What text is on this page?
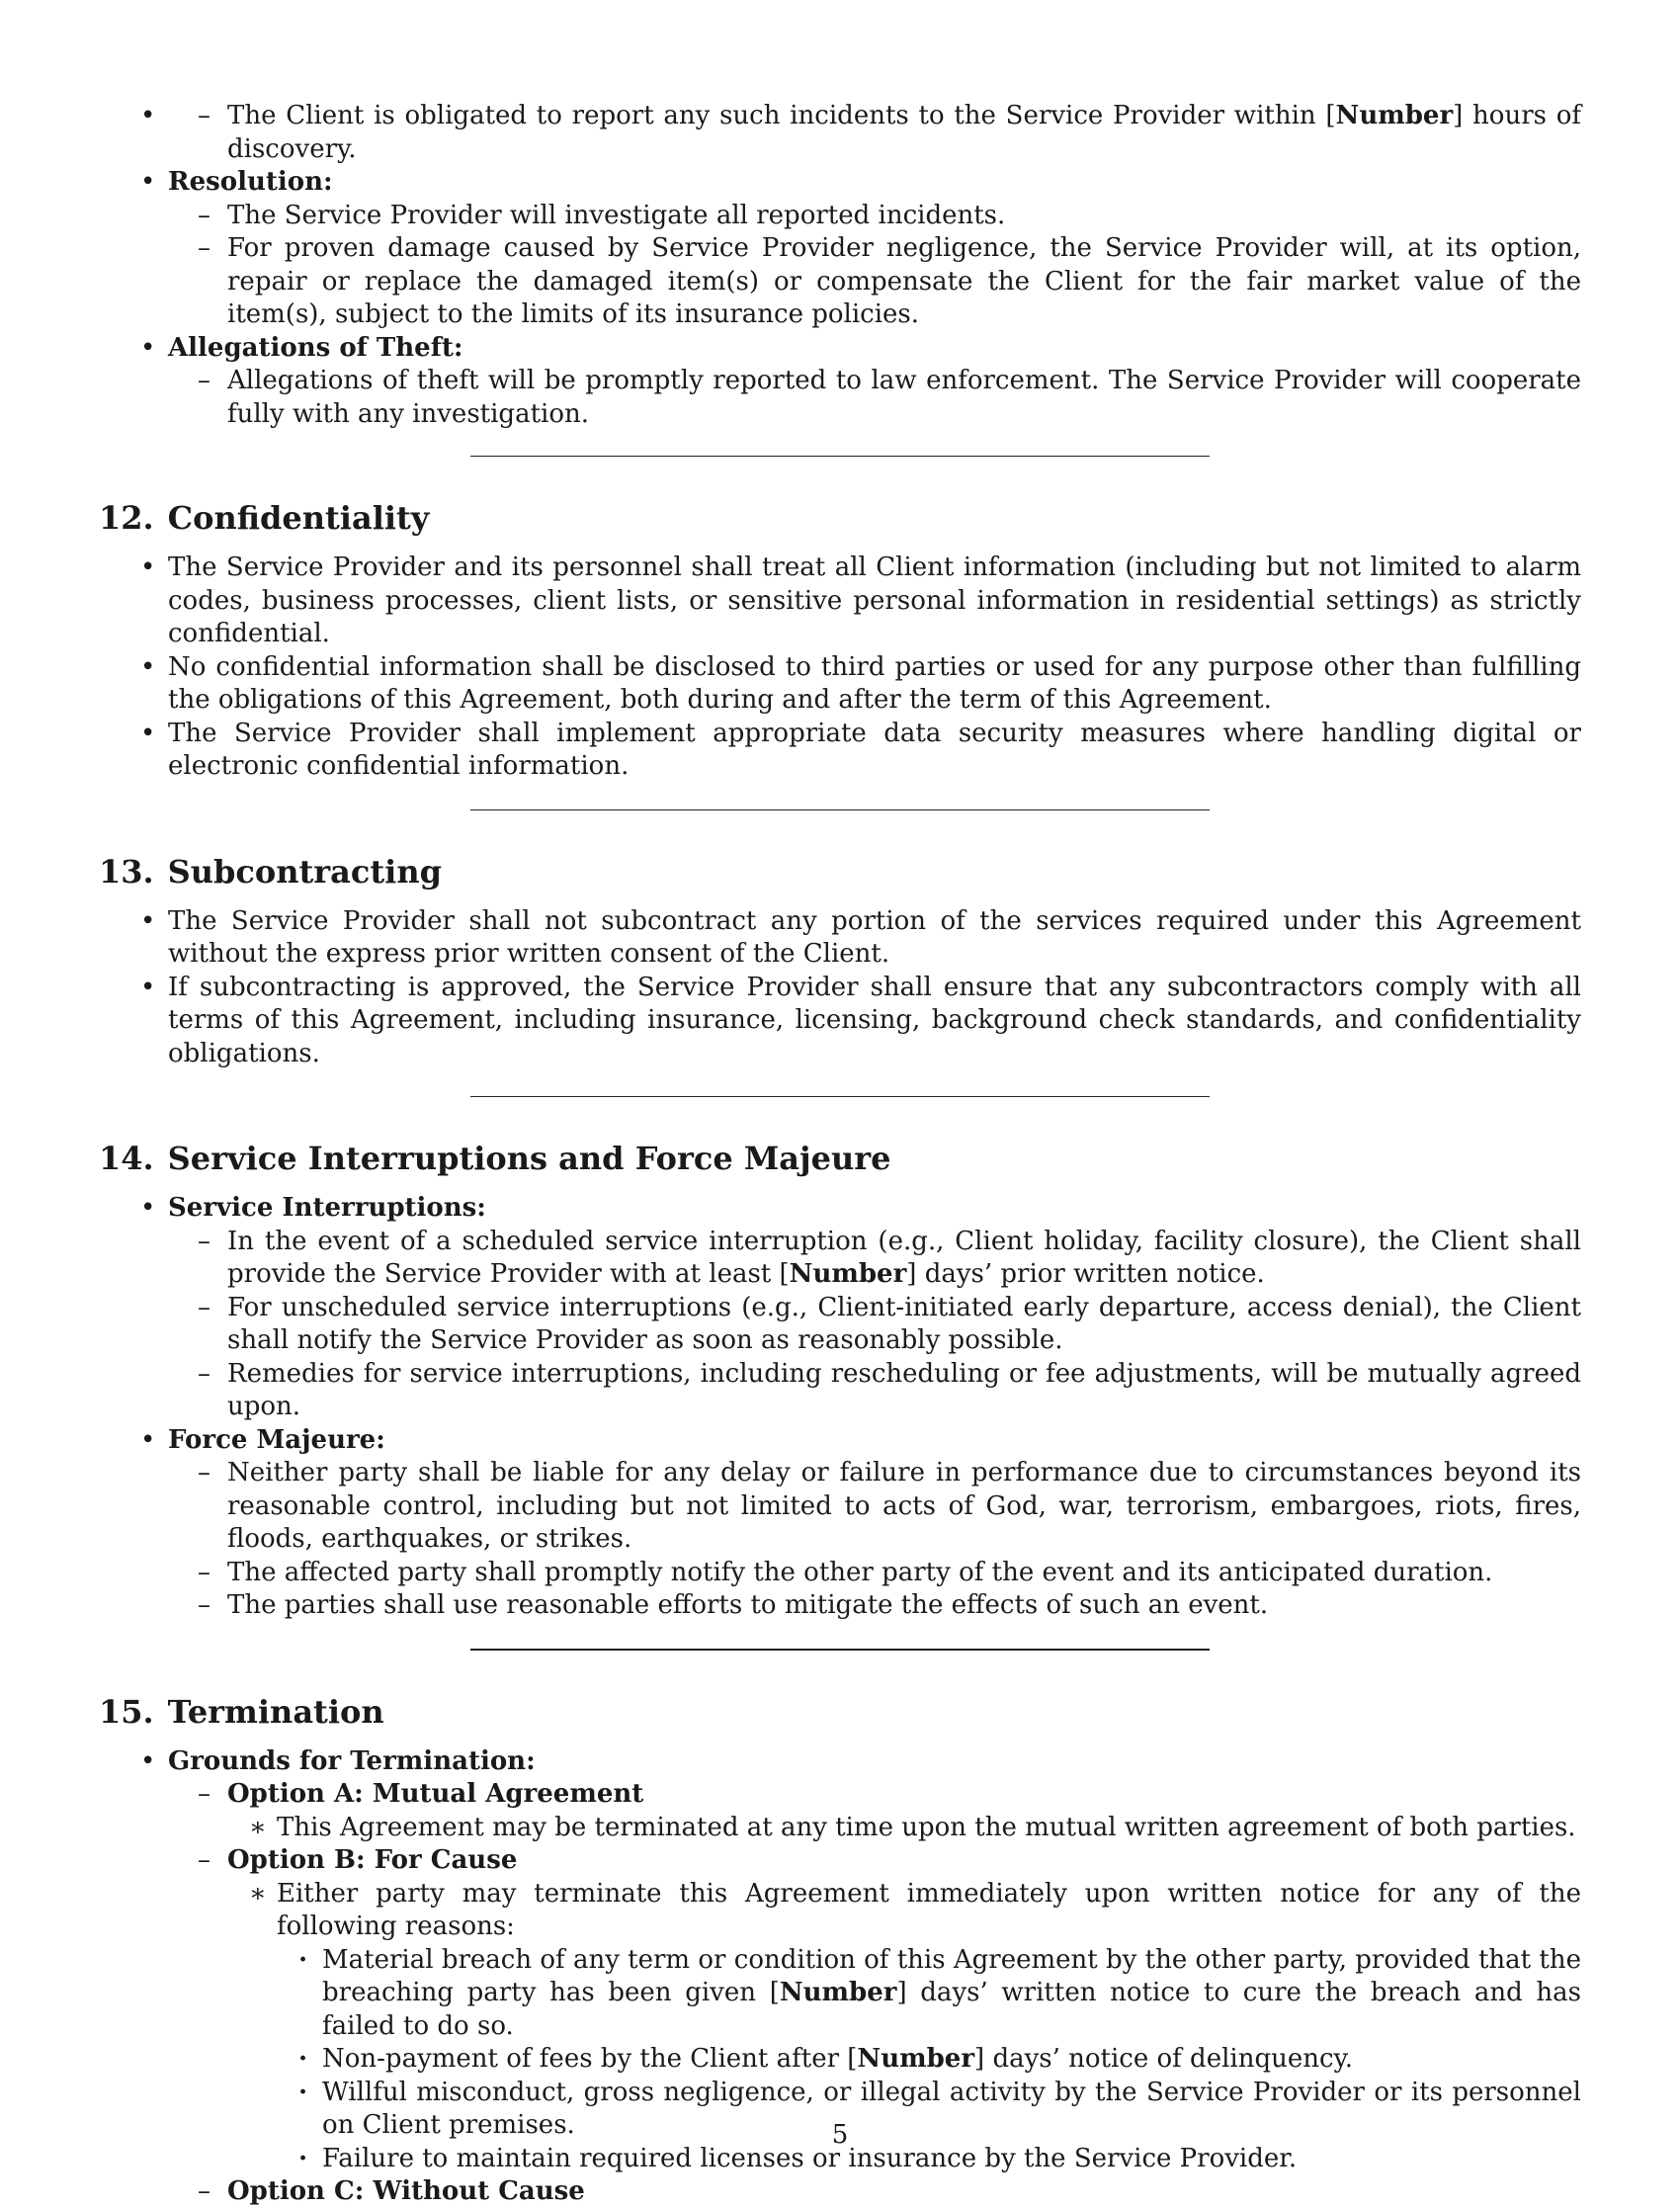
– • The Client is obligated to report any such incidents to the Service Provider within [Number] hours of discovery.
• Resolution:
– The Service Provider will investigate all reported incidents.
– For proven damage caused by Service Provider negligence, the Service Provider will, at its option, repair or replace the damaged item(s) or compensate the Client for the fair market value of the item(s), subject to the limits of its insurance policies.
• Allegations of Theft:
– Allegations of theft will be promptly reported to law enforcement. The Service Provider will cooperate fully with any investigation.
12. Confidentiality
• The Service Provider and its personnel shall treat all Client information (including but not limited to alarm codes, business processes, client lists, or sensitive personal information in residential settings) as strictly confidential.
• No confidential information shall be disclosed to third parties or used for any purpose other than fulfilling the obligations of this Agreement, both during and after the term of this Agreement.
• The Service Provider shall implement appropriate data security measures where handling digital or electronic confidential information.
13. Subcontracting
• The Service Provider shall not subcontract any portion of the services required under this Agreement without the express prior written consent of the Client.
• If subcontracting is approved, the Service Provider shall ensure that any subcontractors comply with all terms of this Agreement, including insurance, licensing, background check standards, and confidentiality obligations.
14. Service Interruptions and Force Majeure
• Service Interruptions:
– In the event of a scheduled service interruption (e.g., Client holiday, facility closure), the Client shall provide the Service Provider with at least [Number] days’ prior written notice.
– For unscheduled service interruptions (e.g., Client-initiated early departure, access denial), the Client shall notify the Service Provider as soon as reasonably possible.
– Remedies for service interruptions, including rescheduling or fee adjustments, will be mutually agreed upon.
• Force Majeure:
– Neither party shall be liable for any delay or failure in performance due to circumstances beyond its reasonable control, including but not limited to acts of God, war, terrorism, embargoes, riots, fires, floods, earthquakes, or strikes.
– The affected party shall promptly notify the other party of the event and its anticipated duration.
– The parties shall use reasonable efforts to mitigate the effects of such an event.
15. Termination
• Grounds for Termination:
– Option A: Mutual Agreement
∗ This Agreement may be terminated at any time upon the mutual written agreement of both parties.
– Option B: For Cause
∗ Either party may terminate this Agreement immediately upon written notice for any of the following reasons:
· Material breach of any term or condition of this Agreement by the other party, provided that the breaching party has been given [Number] days’ written notice to cure the breach and has failed to do so.
· Non-payment of fees by the Client after [Number] days’ notice of delinquency.
· Willful misconduct, gross negligence, or illegal activity by the Service Provider or its personnel on Client premises.
· Failure to maintain required licenses or insurance by the Service Provider.
– Option C: Without Cause
5
